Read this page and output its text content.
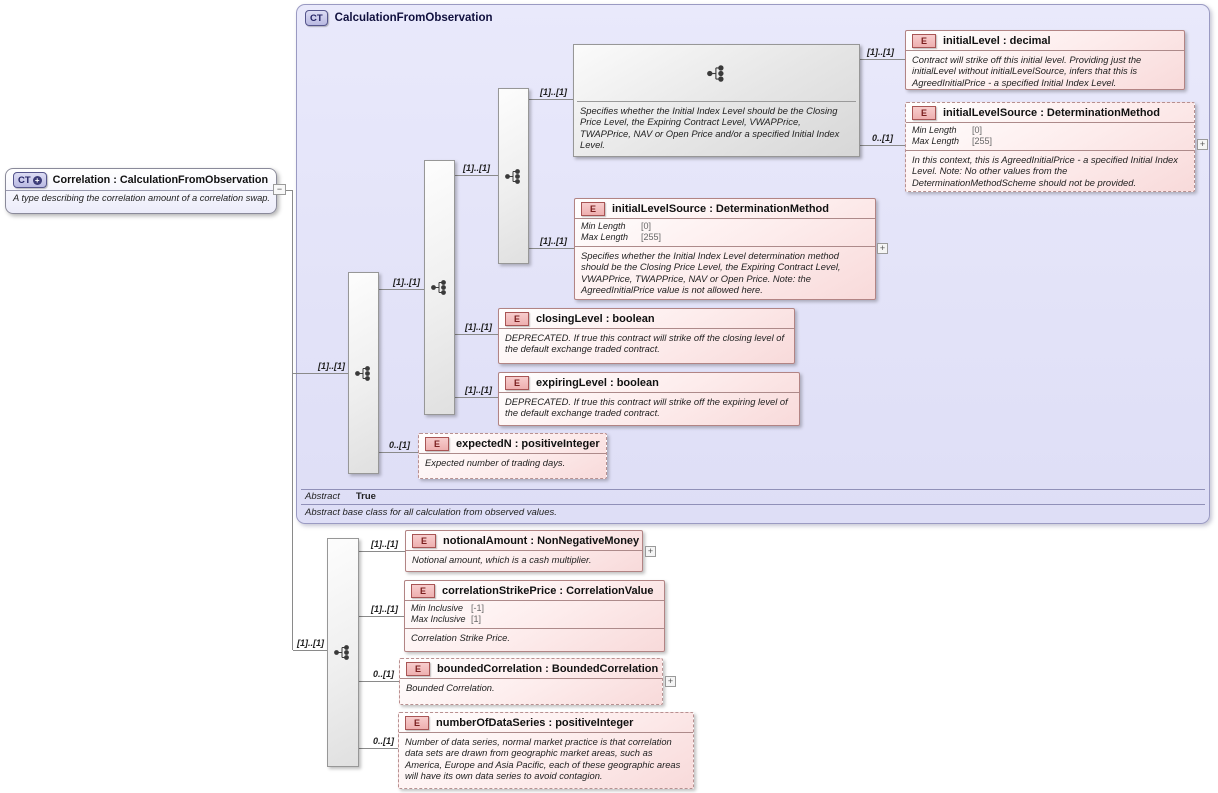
CT CalculationFromObservation
Abstract True
Abstract base class for all calculation from observed values.
[1]..[1]
[1]..[1]
[1]..[1]
[1]..[1]
[1]..[1]
0..[1]
[1]..[1]
[1]..[1]
[1]..[1]
0..[1]
[1]..[1]
[1]..[1]
[1]..[1]
0..[1]
0..[1]
CT + Correlation : CalculationFromObservation
A type describing the correlation amount of a correlation swap.
−
Specifies whether the Initial Index Level should be the Closing Price Level, the Expiring Contract Level, VWAPPrice, TWAPPrice, NAV or Open Price and/or a specified Initial Index Level.
E	initialLevel : decimal
Contract will strike off this initial level. Providing just the initialLevel without initialLevelSource, infers that this is AgreedInitialPrice - a specified Initial Index Level.
E	initialLevelSource : DeterminationMethod
Min Length [0]
Max Length [255]
In this context, this is AgreedInitialPrice - a specified Initial Index Level. Note: No other values from the DeterminationMethodScheme should not be provided.
E	initialLevelSource : DeterminationMethod
Min Length [0]
Max Length [255]
Specifies whether the Initial Index Level determination method should be the Closing Price Level, the Expiring Contract Level, VWAPPrice, TWAPPrice, NAV or Open Price. Note: the AgreedInitialPrice value is not allowed here.
E	closingLevel : boolean
DEPRECATED. If true this contract will strike off the closing level of the default exchange traded contract.
E	expiringLevel : boolean
DEPRECATED. If true this contract will strike off the expiring level of the default exchange traded contract.
E	expectedN : positiveInteger
Expected number of trading days.
E	notionalAmount : NonNegativeMoney
Notional amount, which is a cash multiplier.
E	correlationStrikePrice : CorrelationValue
Min Inclusive [-1]
Max Inclusive [1]
Correlation Strike Price.
E	boundedCorrelation : BoundedCorrelation
Bounded Correlation.
E	numberOfDataSeries : positiveInteger
Number of data series, normal market practice is that correlation data sets are drawn from geographic market areas, such as America, Europe and Asia Pacific, each of these geographic areas will have its own data series to avoid contagion.
+
+
+
+
